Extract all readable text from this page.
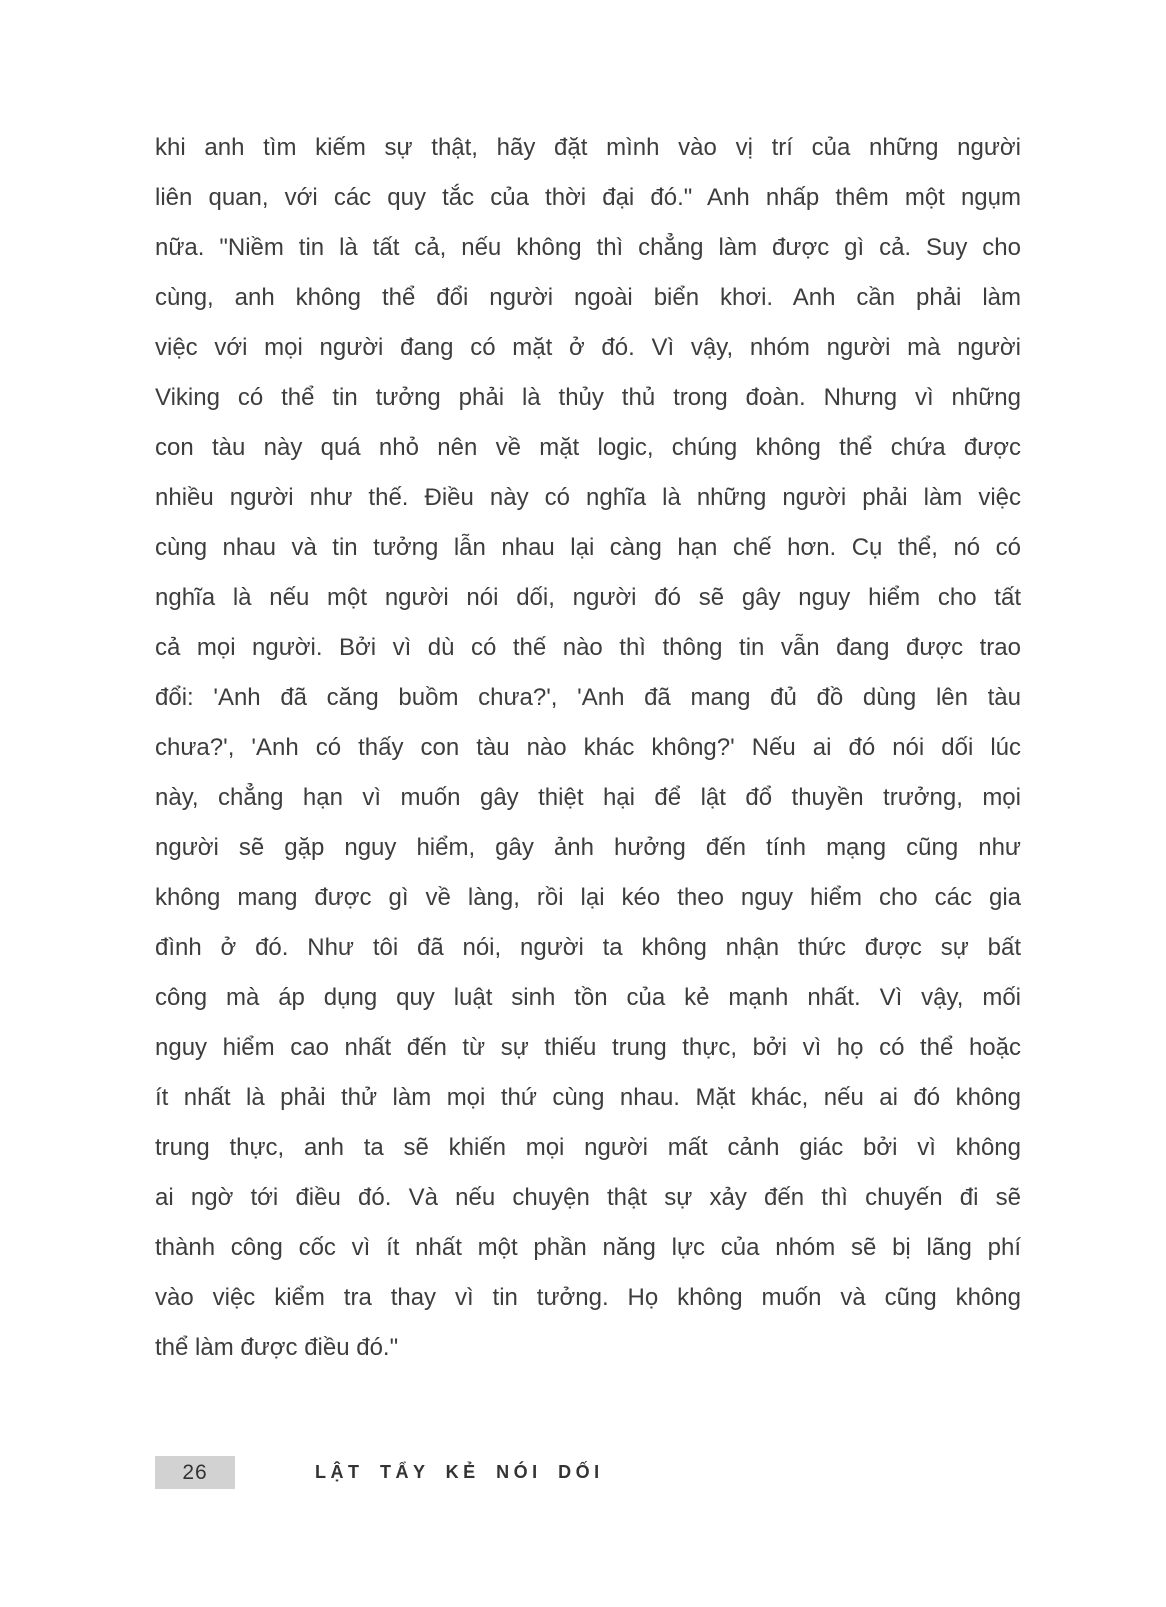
khi anh tìm kiếm sự thật, hãy đặt mình vào vị trí của những người
liên quan, với các quy tắc của thời đại đó." Anh nhấp thêm một ngụm
nữa. "Niềm tin là tất cả, nếu không thì chẳng làm được gì cả. Suy cho
cùng, anh không thể đổi người ngoài biển khơi. Anh cần phải làm
việc với mọi người đang có mặt ở đó. Vì vậy, nhóm người mà người
Viking có thể tin tưởng phải là thủy thủ trong đoàn. Nhưng vì những
con tàu này quá nhỏ nên về mặt logic, chúng không thể chứa được
nhiều người như thế. Điều này có nghĩa là những người phải làm việc
cùng nhau và tin tưởng lẫn nhau lại càng hạn chế hơn. Cụ thể, nó có
nghĩa là nếu một người nói dối, người đó sẽ gây nguy hiểm cho tất
cả mọi người. Bởi vì dù có thế nào thì thông tin vẫn đang được trao
đổi: 'Anh đã căng buồm chưa?', 'Anh đã mang đủ đồ dùng lên tàu
chưa?', 'Anh có thấy con tàu nào khác không?' Nếu ai đó nói dối lúc
này, chẳng hạn vì muốn gây thiệt hại để lật đổ thuyền trưởng, mọi
người sẽ gặp nguy hiểm, gây ảnh hưởng đến tính mạng cũng như
không mang được gì về làng, rồi lại kéo theo nguy hiểm cho các gia
đình ở đó. Như tôi đã nói, người ta không nhận thức được sự bất
công mà áp dụng quy luật sinh tồn của kẻ mạnh nhất. Vì vậy, mối
nguy hiểm cao nhất đến từ sự thiếu trung thực, bởi vì họ có thể hoặc
ít nhất là phải thử làm mọi thứ cùng nhau. Mặt khác, nếu ai đó không
trung thực, anh ta sẽ khiến mọi người mất cảnh giác bởi vì không
ai ngờ tới điều đó. Và nếu chuyện thật sự xảy đến thì chuyến đi sẽ
thành công cốc vì ít nhất một phần năng lực của nhóm sẽ bị lãng phí
vào việc kiểm tra thay vì tin tưởng. Họ không muốn và cũng không
thể làm được điều đó."
26	LẬT TẨY KẺ NÓI DỐI
